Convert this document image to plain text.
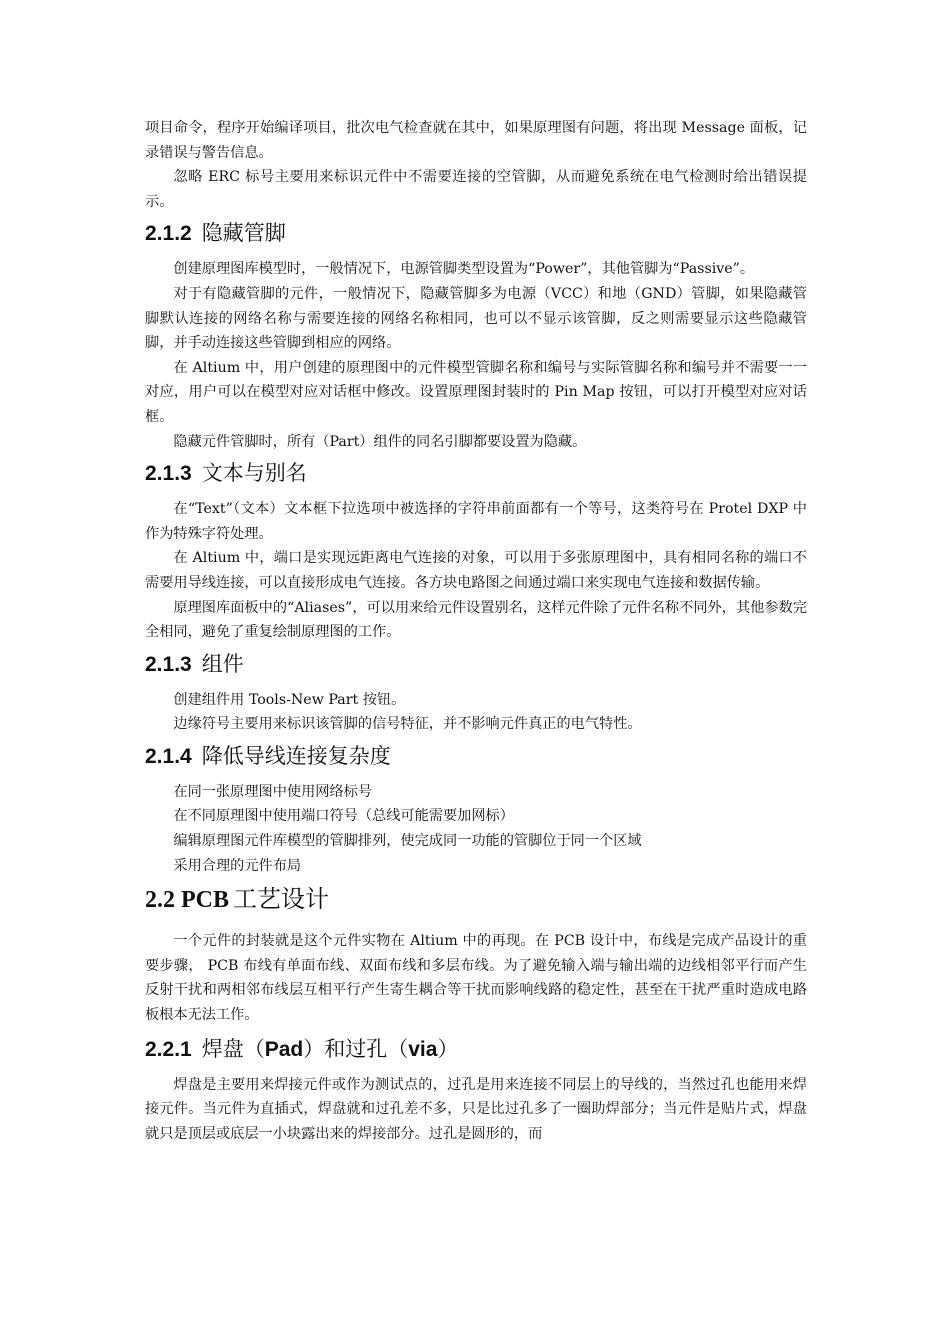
项目命令，程序开始编译项目，批次电气检查就在其中，如果原理图有问题，将出现 Message 面板，记录错误与警告信息。

忽略 ERC 标号主要用来标识元件中不需要连接的空管脚，从而避免系统在电气检测时给出错误提示。

2.1.2 隐藏管脚

创建原理图库模型时，一般情况下，电源管脚类型设置为“Power”，其他管脚为“Passive”。

对于有隐藏管脚的元件，一般情况下，隐藏管脚多为电源（VCC）和地（GND）管脚，如果隐藏管脚默认连接的网络名称与需要连接的网络名称相同，也可以不显示该管脚，反之则需要显示这些隐藏管脚，并手动连接这些管脚到相应的网络。

在 Altium 中，用户创建的原理图中的元件模型管脚名称和编号与实际管脚名称和编号并不需要一一对应，用户可以在模型对应对话框中修改。设置原理图封装时的 Pin Map 按钮，可以打开模型对应对话框。

隐藏元件管脚时，所有（Part）组件的同名引脚都要设置为隐藏。

2.1.3 文本与别名

在“Text”（文本）文本框下拉选项中被选择的字符串前面都有一个等号，这类符号在 Protel DXP 中作为特殊字符处理。

在 Altium 中，端口是实现远距离电气连接的对象，可以用于多张原理图中，具有相同名称的端口不需要用导线连接，可以直接形成电气连接。各方块电路图之间通过端口来实现电气连接和数据传输。

原理图库面板中的“Aliases”，可以用来给元件设置别名，这样元件除了元件名称不同外，其他参数完全相同，避免了重复绘制原理图的工作。

2.1.3 组件

创建组件用 Tools-New Part 按钮。

边缘符号主要用来标识该管脚的信号特征，并不影响元件真正的电气特性。

2.1.4 降低导线连接复杂度

在同一张原理图中使用网络标号

在不同原理图中使用端口符号（总线可能需要加网标）

编辑原理图元件库模型的管脚排列，使完成同一功能的管脚位于同一个区域

采用合理的元件布局

2.2 PCB 工艺设计

一个元件的封装就是这个元件实物在 Altium 中的再现。在 PCB 设计中，布线是完成产品设计的重要步骤， PCB 布线有单面布线、双面布线和多层布线。为了避免输入端与输出端的边线相邻平行而产生反射干扰和两相邻布线层互相平行产生寄生耦合等干扰而影响线路的稳定性，甚至在干扰严重时造成电路板根本无法工作。

2.2.1 焊盘（Pad）和过孔（via）

焊盘是主要用来焊接元件或作为测试点的，过孔是用来连接不同层上的导线的，当然过孔也能用来焊接元件。当元件为直插式，焊盘就和过孔差不多，只是比过孔多了一圈助焊部分；当元件是贴片式，焊盘就只是顶层或底层一小块露出来的焊接部分。过孔是圆形的，而
